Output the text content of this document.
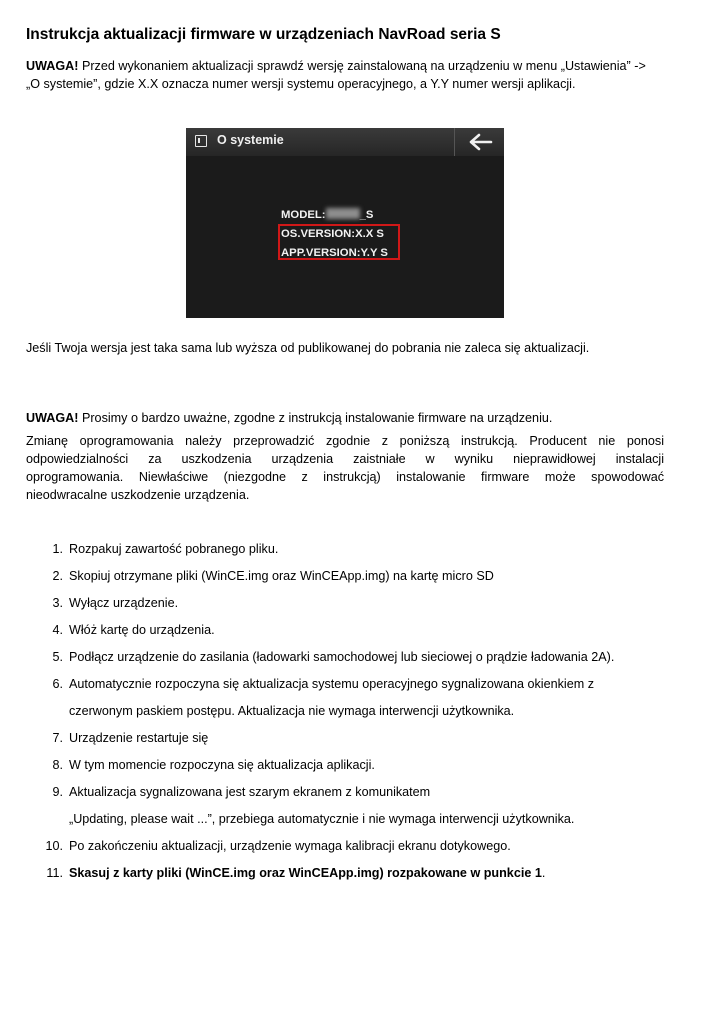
Instrukcja aktualizacji firmware w urządzeniach NavRoad seria S

UWAGA! Przed wykonaniem aktualizacji sprawdź wersję zainstalowaną na urządzeniu w menu „Ustawienia” -> „O systemie”, gdzie X.X oznacza numer wersji systemu operacyjnego, a Y.Y numer wersji aplikacji.

O systemie
MODEL:	_S
OS.VERSION:X.X S
APP.VERSION:Y.Y S

Jeśli Twoja wersja jest taka sama lub wyższa od publikowanej do pobrania nie zaleca się aktualizacji.

UWAGA! Prosimy o bardzo uważne, zgodne z instrukcją instalowanie firmware na urządzeniu.

Zmianę oprogramowania należy przeprowadzić zgodnie z poniższą instrukcją. Producent nie ponosi
odpowiedzialności za uszkodzenia urządzenia zaistniałe w wyniku nieprawidłowej instalacji
oprogramowania. Niewłaściwe (niezgodne z instrukcją) instalowanie firmware może spowodować
nieodwracalne uszkodzenie urządzenia.

1. Rozpakuj zawartość pobranego pliku.
2. Skopiuj otrzymane pliki (WinCE.img oraz WinCEApp.img) na kartę micro SD
3. Wyłącz urządzenie.
4. Włóż kartę do urządzenia.
5. Podłącz urządzenie do zasilania (ładowarki samochodowej lub sieciowej o prądzie ładowania 2A).
6. Automatycznie rozpoczyna się aktualizacja systemu operacyjnego sygnalizowana okienkiem z
czerwonym paskiem postępu. Aktualizacja nie wymaga interwencji użytkownika.
7. Urządzenie restartuje się
8. W tym momencie rozpoczyna się aktualizacja aplikacji.
9. Aktualizacja sygnalizowana jest szarym ekranem z komunikatem
„Updating, please wait ...”, przebiega automatycznie i nie wymaga interwencji użytkownika.
10. Po zakończeniu aktualizacji, urządzenie wymaga kalibracji ekranu dotykowego.
11. Skasuj z karty pliki (WinCE.img oraz WinCEApp.img) rozpakowane w punkcie 1.
